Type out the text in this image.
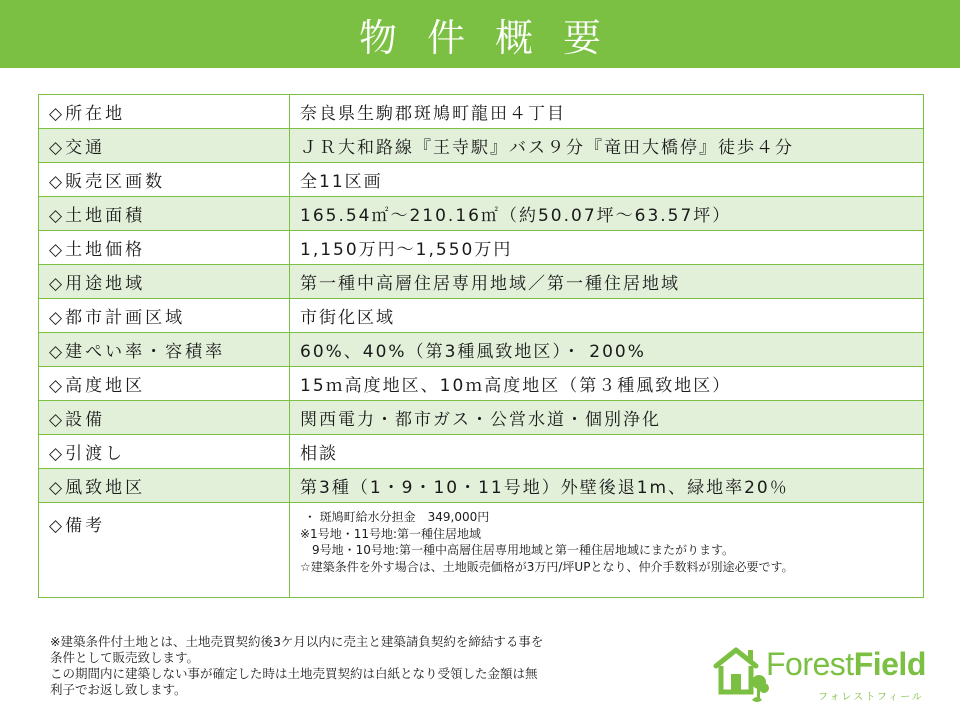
物件概要
◇所在地	奈良県生駒郡斑鳩町龍田４丁目
◇交通	ＪＲ大和路線『王寺駅』バス９分『竜田大橋停』徒歩４分
◇販売区画数	全11区画
◇土地面積	165.54㎡～210.16㎡（約50.07坪～63.57坪）
◇土地価格	1,150万円～1,550万円
◇用途地域	第一種中高層住居専用地域／第一種住居地域
◇都市計画区域	市街化区域
◇建ぺい率・容積率	60%、40%（第3種風致地区）・ 200%
◇高度地区	15ｍ高度地区、10ｍ高度地区（第３種風致地区）
◇設備	関西電力・都市ガス・公営水道・個別浄化
◇引渡し	相談
◇風致地区	第3種（1・9・10・11号地）外壁後退1m、緑地率20％
◇備考	・ 斑鳩町給水分担金　349,000円
※1号地・11号地:第一種住居地域
　9号地・10号地:第一種中高層住居専用地域と第一種住居地域にまたがります。
☆建築条件を外す場合は、土地販売価格が3万円/坪UPとなり、仲介手数料が別途必要です。
※建築条件付土地とは、土地売買契約後3ケ月以内に売主と建築請負契約を締結する事を
条件として販売致します。
この期間内に建築しない事が確定した時は土地売買契約は白紙となり受領した金額は無
利子でお返し致します。
ForestField
フォレストフィール
